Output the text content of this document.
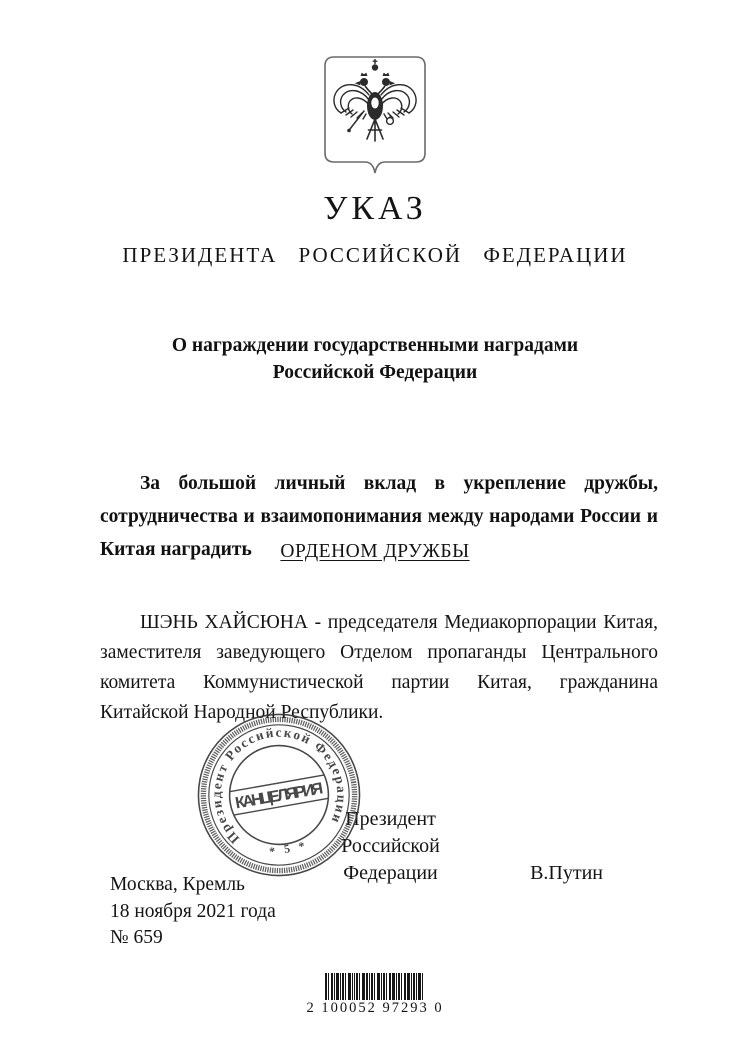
УКАЗ
ПРЕЗИДЕНТА РОССИЙСКОЙ ФЕДЕРАЦИИ
О награждении государственными наградами
Российской Федерации

За большой личный вклад в укрепление дружбы, сотрудничества и взаимопонимания между народами России и Китая наградить	ОРДЕНОМ ДРУЖБЫ

ШЭНЬ ХАЙСЮНА - председателя Медиакорпорации Китая, заместителя заведующего Отделом пропаганды Центрального комитета Коммунистической партии Китая, гражданина Китайской Народной Республики.

Президент
Российской Федерации	В.Путин
Президент Российской Федерации
КАНЦЕЛЯРИЯ
* 5 *
Москва, Кремль
18 ноября 2021 года
№ 659
2 100052 97293 0
